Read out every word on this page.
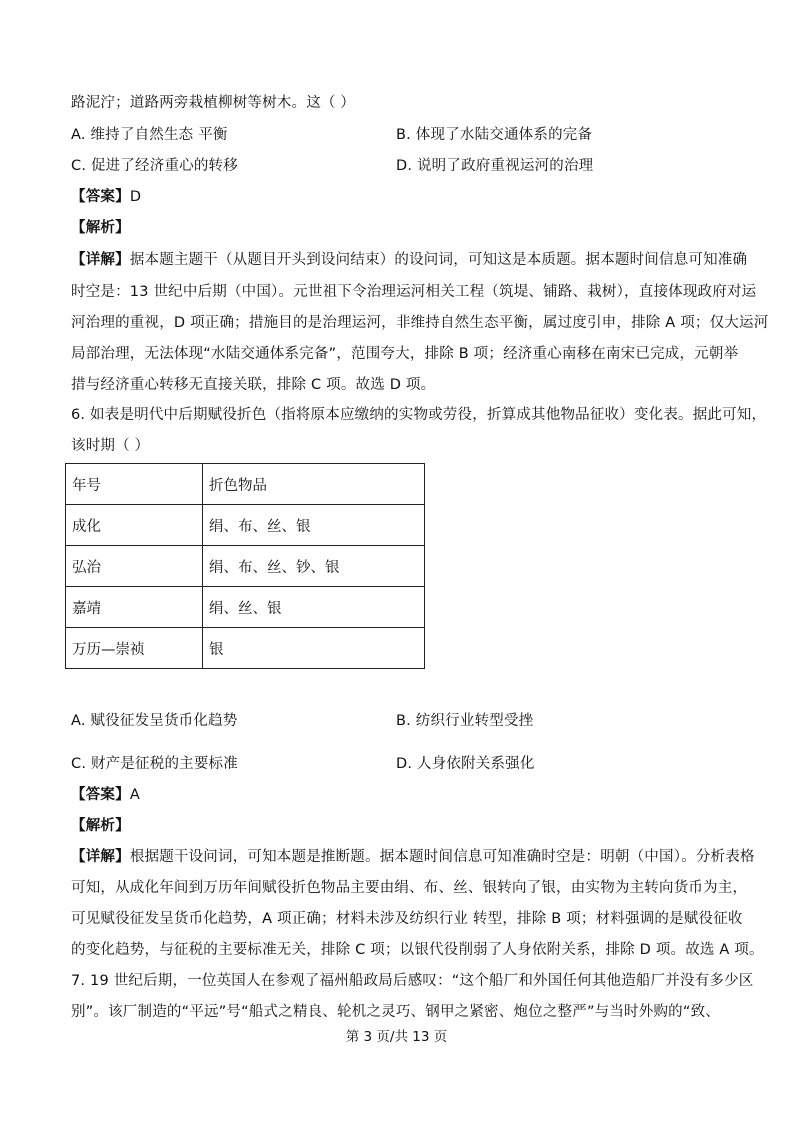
路泥泞；道路两旁栽植柳树等树木。这（ ）
A. 维持了自然生态 平衡	B. 体现了水陆交通体系的完备
C. 促进了经济重心的转移	D. 说明了政府重视运河的治理
【答案】D
【解析】
【详解】据本题主题干（从题目开头到设问结束）的设问词，可知这是本质题。据本题时间信息可知准确
时空是：13 世纪中后期（中国）。元世祖下令治理运河相关工程（筑堤、铺路、栽树），直接体现政府对运
河治理的重视，D 项正确；措施目的是治理运河，非维持自然生态平衡，属过度引申，排除 A 项；仅大运河
局部治理，无法体现“水陆交通体系完备”，范围夸大，排除 B 项；经济重心南移在南宋已完成，元朝举
措与经济重心转移无直接关联，排除 C 项。故选 D 项。
6. 如表是明代中后期赋役折色（指将原本应缴纳的实物或劳役，折算成其他物品征收）变化表。据此可知，
该时期（ ）
年号	折色物品
成化	绢、布、丝、银
弘治	绢、布、丝、钞、银
嘉靖	绢、丝、银
万历—崇祯	银
A. 赋役征发呈货币化趋势	B. 纺织行业转型受挫
C. 财产是征税的主要标准	D. 人身依附关系强化
【答案】A
【解析】
【详解】根据题干设问词，可知本题是推断题。据本题时间信息可知准确时空是：明朝（中国）。分析表格
可知，从成化年间到万历年间赋役折色物品主要由绢、布、丝、银转向了银，由实物为主转向货币为主，
可见赋役征发呈货币化趋势，A 项正确；材料未涉及纺织行业 转型，排除 B 项；材料强调的是赋役征收
的变化趋势，与征税的主要标准无关，排除 C 项；以银代役削弱了人身依附关系，排除 D 项。故选 A 项。
7. 19 世纪后期，一位英国人在参观了福州船政局后感叹：“这个船厂和外国任何其他造船厂并没有多少区
别”。该厂制造的“平远”号“船式之精良、轮机之灵巧、钢甲之紧密、炮位之整严”与当时外购的“致、
第 3 页/共 13 页
